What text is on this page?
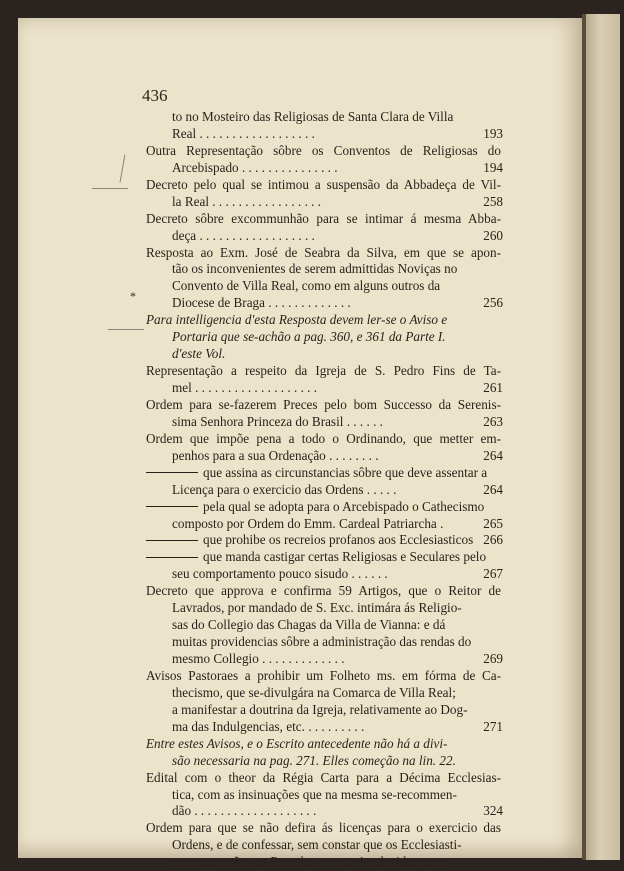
436
*
to no Mosteiro das Religiosas de Santa Clara de Villa
Real . . . . . . . . . . . . . . . . . .	193
Outra Representação sôbre os Conventos de Religiosas do
Arcebispado . . . . . . . . . . . . . . .	194
Decreto pelo qual se intimou a suspensão da Abbadeça de Vil-
la Real . . . . . . . . . . . . . . . . .	258
Decreto sôbre excommunhão para se intimar á mesma Abba-
deça . . . . . . . . . . . . . . . . . .	260
Resposta ao Exm. José de Seabra da Silva, em que se apon-
tão os inconvenientes de serem admittidas Noviças no
Convento de Villa Real, como em alguns outros da
Diocese de Braga . . . . . . . . . . . . .	256
Para intelligencia d'esta Resposta devem ler-se o Aviso e
Portaria que se-achão a pag. 360, e 361 da Parte I.
d'este Vol.
Representação a respeito da Igreja de S. Pedro Fins de Ta-
mel . . . . . . . . . . . . . . . . . . .	261
Ordem para se-fazerem Preces pelo bom Successo da Serenis-
sima Senhora Princeza do Brasil . . . . . .	263
Ordem que impõe pena a todo o Ordinando, que metter em-
penhos para a sua Ordenação . . . . . . . .	264
que assina as circunstancias sôbre que deve assentar a
Licença para o exercicio das Ordens . . . . .	264
pela qual se adopta para o Arcebispado o Cathecismo
composto por Ordem do Emm. Cardeal Patriarcha .	265
que prohibe os recreios profanos aos Ecclesiasticos 266
que manda castigar certas Religiosas e Seculares pelo
seu comportamento pouco sisudo . . . . . .	267
Decreto que approva e confirma 59 Artigos, que o Reitor de
Lavrados, por mandado de S. Exc. intimára ás Religio-
sas do Collegio das Chagas da Villa de Vianna: e dá
muitas providencias sôbre a administração das rendas do
mesmo Collegio . . . . . . . . . . . . .	269
Avisos Pastoraes a prohibir um Folheto ms. em fórma de Ca-
thecismo, que se-divulgára na Comarca de Villa Real;
a manifestar a doutrina da Igreja, relativamente ao Dog-
ma das Indulgencias, etc. . . . . . . . . .	271
Entre estes Avisos, e o Escrito antecedente não há a divi-
são necessaria na pag. 271. Elles começão na lin. 22.
Edital com o theor da Régia Carta para a Décima Ecclesias-
tica, com as insinuações que na mesma se-recommen-
dão . . . . . . . . . . . . . . . . . . .	324
Ordem para que se não defira ás licenças para o exercicio das
Ordens, e de confessar, sem constar que os Ecclesiasti-
cos conservão aos Parochos o respeito devido, que o-
